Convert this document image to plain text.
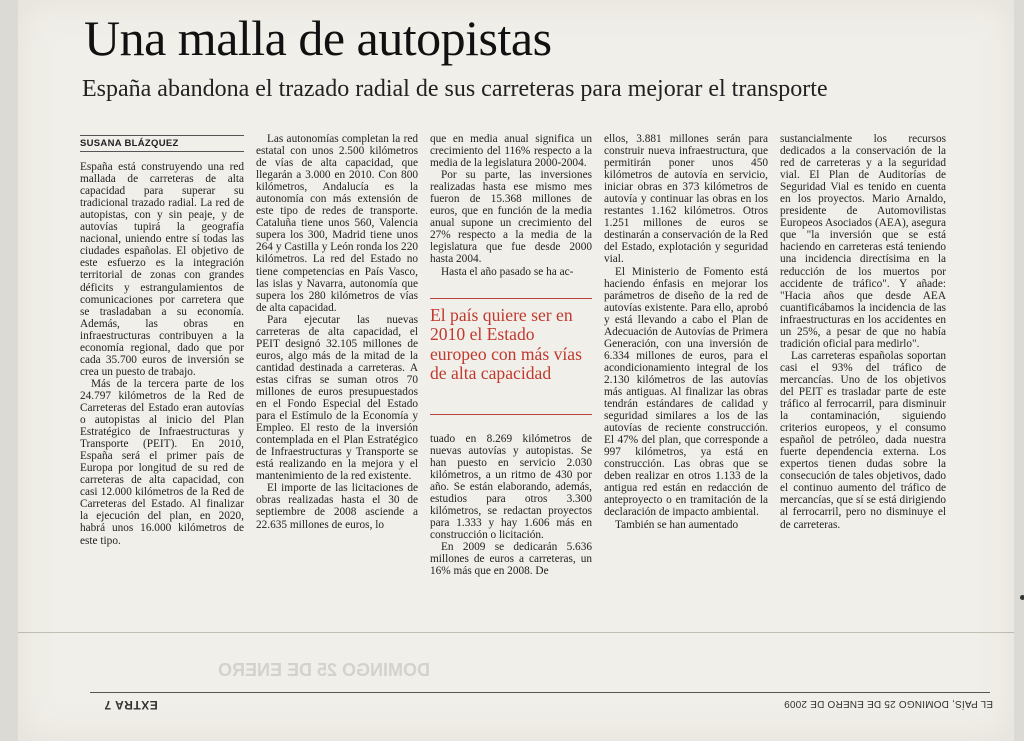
Una malla de autopistas
España abandona el trazado radial de sus carreteras para mejorar el transporte
SUSANA BLÁZQUEZ

España está construyendo una red mallada de carreteras de alta capacidad para superar su tradicional trazado radial. La red de autopistas, con y sin peaje, y de autovías tupirá la geografía nacional, uniendo entre sí todas las ciudades españolas. El objetivo de este esfuerzo es la integración territorial de zonas con grandes déficits y estrangulamientos de comunicaciones por carretera que se trasladaban a su economía. Además, las obras en infraestructuras contribuyen a la economía regional, dado que por cada 35.700 euros de inversión se crea un puesto de trabajo.

Más de la tercera parte de los 24.797 kilómetros de la Red de Carreteras del Estado eran autovías o autopistas al inicio del Plan Estratégico de Infraestructuras y Transporte (PEIT). En 2010, España será el primer país de Europa por longitud de su red de carreteras de alta capacidad, con casi 12.000 kilómetros de la Red de Carreteras del Estado. Al finalizar la ejecución del plan, en 2020, habrá unos 16.000 kilómetros de este tipo.

Las autonomías completan la red estatal con unos 2.500 kilómetros de vías de alta capacidad, que llegarán a 3.000 en 2010. Con 800 kilómetros, Andalucía es la autonomía con más extensión de este tipo de redes de transporte. Cataluña tiene unos 560, Valencia supera los 300, Madrid tiene unos 264 y Castilla y León ronda los 220 kilómetros. La red del Estado no tiene competencias en País Vasco, las islas y Navarra, autonomía que supera los 280 kilómetros de vías de alta capacidad.

Para ejecutar las nuevas carreteras de alta capacidad, el PEIT designó 32.105 millones de euros, algo más de la mitad de la cantidad destinada a carreteras. A estas cifras se suman otros 70 millones de euros presupuestados en el Fondo Especial del Estado para el Estímulo de la Economía y Empleo. El resto de la inversión contemplada en el Plan Estratégico de Infraestructuras y Transporte se está realizando en la mejora y el mantenimiento de la red existente.

El importe de las licitaciones de obras realizadas hasta el 30 de septiembre de 2008 asciende a 22.635 millones de euros, lo

que en media anual significa un crecimiento del 116% respecto a la media de la legislatura 2000-2004.

Por su parte, las inversiones realizadas hasta ese mismo mes fueron de 15.368 millones de euros, que en función de la media anual supone un crecimiento del 27% respecto a la media de la legislatura que fue desde 2000 hasta 2004.

Hasta el año pasado se ha ac-

El país quiere ser en 2010 el Estado europeo con más vías de alta capacidad

tuado en 8.269 kilómetros de nuevas autovías y autopistas. Se han puesto en servicio 2.030 kilómetros, a un ritmo de 430 por año. Se están elaborando, además, estudios para otros 3.300 kilómetros, se redactan proyectos para 1.333 y hay 1.606 más en construcción o licitación.

En 2009 se dedicarán 5.636 millones de euros a carreteras, un 16% más que en 2008. De

ellos, 3.881 millones serán para construir nueva infraestructura, que permitirán poner unos 450 kilómetros de autovía en servicio, iniciar obras en 373 kilómetros de autovía y continuar las obras en los restantes 1.162 kilómetros. Otros 1.251 millones de euros se destinarán a conservación de la Red del Estado, explotación y seguridad vial.

El Ministerio de Fomento está haciendo énfasis en mejorar los parámetros de diseño de la red de autovías existente. Para ello, aprobó y está llevando a cabo el Plan de Adecuación de Autovías de Primera Generación, con una inversión de 6.334 millones de euros, para el acondicionamiento integral de los 2.130 kilómetros de las autovías más antiguas. Al finalizar las obras tendrán estándares de calidad y seguridad similares a los de las autovías de reciente construcción. El 47% del plan, que corresponde a 997 kilómetros, ya está en construcción. Las obras que se deben realizar en otros 1.133 de la antigua red están en redacción de anteproyecto o en tramitación de la declaración de impacto ambiental.

También se han aumentado

sustancialmente los recursos dedicados a la conservación de la red de carreteras y a la seguridad vial. El Plan de Auditorías de Seguridad Vial es tenido en cuenta en los proyectos. Mario Arnaldo, presidente de Automovilistas Europeos Asociados (AEA), asegura que "la inversión que se está haciendo en carreteras está teniendo una incidencia directísima en la reducción de los muertos por accidente de tráfico". Y añade: "Hacia años que desde AEA cuantificábamos la incidencia de las infraestructuras en los accidentes en un 25%, a pesar de que no había tradición oficial para medirlo".

Las carreteras españolas soportan casi el 93% del tráfico de mercancías. Uno de los objetivos del PEIT es trasladar parte de este tráfico al ferrocarril, para disminuir la contaminación, siguiendo criterios europeos, y el consumo español de petróleo, dada nuestra fuerte dependencia externa. Los expertos tienen dudas sobre la consecución de tales objetivos, dado el continuo aumento del tráfico de mercancías, que sí se está dirigiendo al ferrocarril, pero no disminuye el de carreteras.

DOMINGO 25 DE ENERO
EXTRA 7	EL PAÍS, DOMINGO 25 DE ENERO DE 2009
